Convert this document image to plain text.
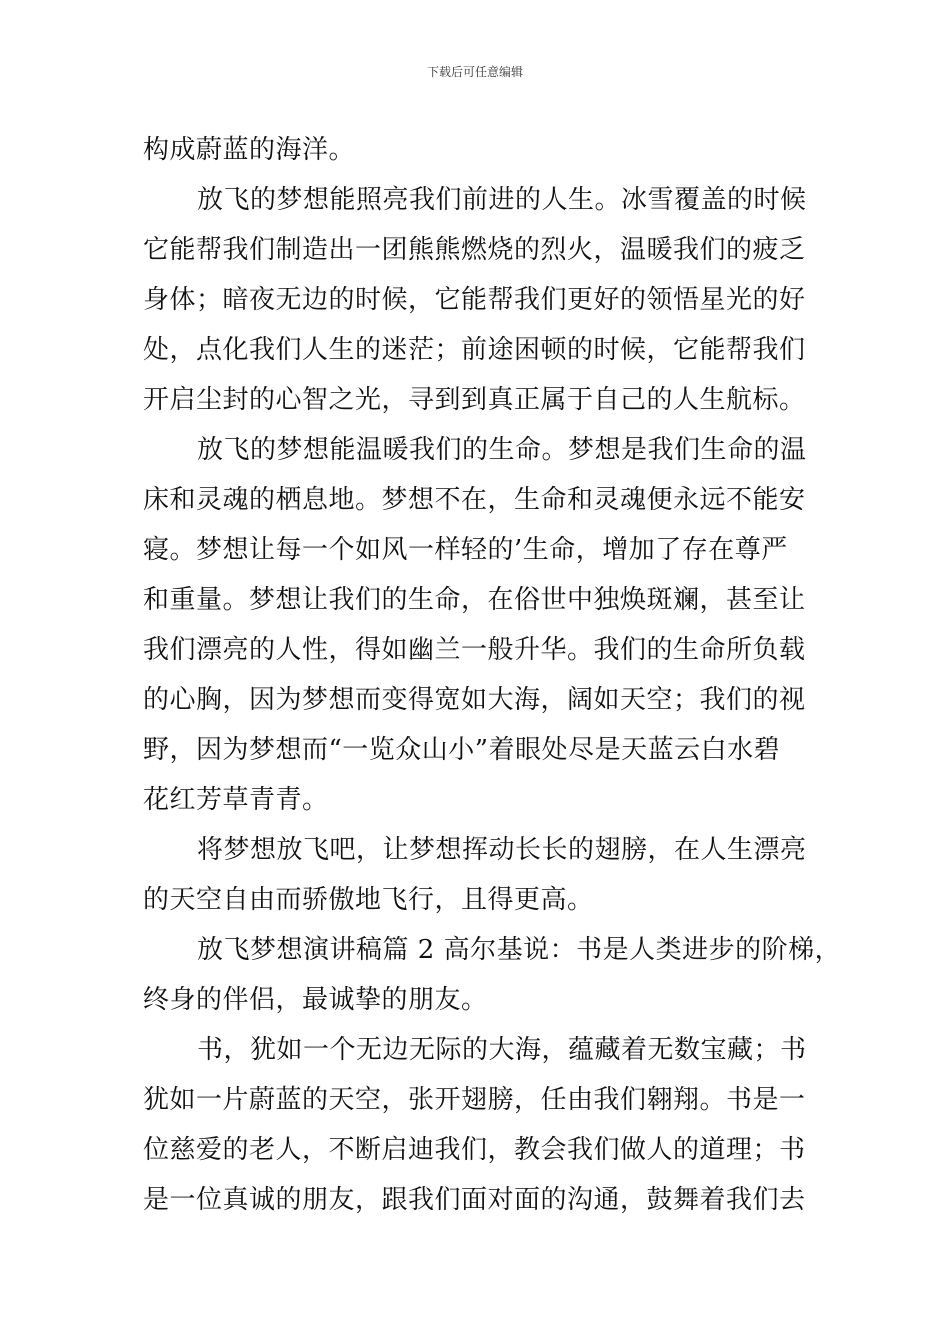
下载后可任意编辑
构成蔚蓝的海洋。
放飞的梦想能照亮我们前进的人生。冰雪覆盖的时候
它能帮我们制造出一团熊熊燃烧的烈火，温暖我们的疲乏
身体；暗夜无边的时候，它能帮我们更好的领悟星光的好
处，点化我们人生的迷茫；前途困顿的时候，它能帮我们
开启尘封的心智之光，寻到到真正属于自己的人生航标。
放飞的梦想能温暖我们的生命。梦想是我们生命的温
床和灵魂的栖息地。梦想不在，生命和灵魂便永远不能安
寝。梦想让每一个如风一样轻的’生命，增加了存在尊严
和重量。梦想让我们的生命，在俗世中独焕斑斓，甚至让
我们漂亮的人性，得如幽兰一般升华。我们的生命所负载
的心胸，因为梦想而变得宽如大海，阔如天空；我们的视
野，因为梦想而“一览众山小”着眼处尽是天蓝云白水碧
花红芳草青青。
将梦想放飞吧，让梦想挥动长长的翅膀，在人生漂亮
的天空自由而骄傲地飞行，且得更高。
放飞梦想演讲稿篇 2 高尔基说：书是人类进步的阶梯，
终身的伴侣，最诚挚的朋友。
书，犹如一个无边无际的大海，蕴藏着无数宝藏；书
犹如一片蔚蓝的天空，张开翅膀，任由我们翱翔。书是一
位慈爱的老人，不断启迪我们，教会我们做人的道理；书
是一位真诚的朋友，跟我们面对面的沟通，鼓舞着我们去
